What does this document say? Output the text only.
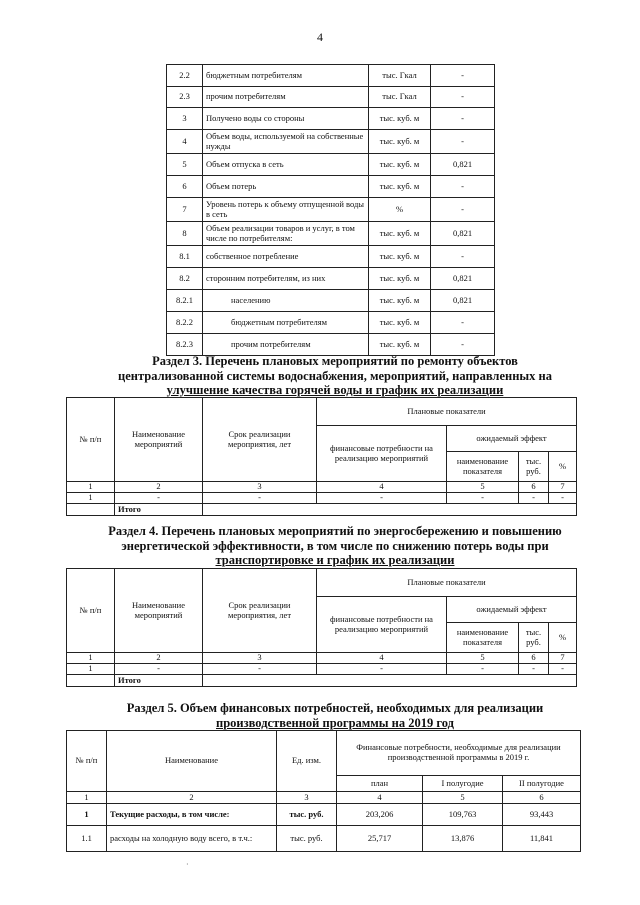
4
2.2	бюджетным потребителям	тыс. Гкал	-
2.3	прочим потребителям	тыс. Гкал	-
3	Получено воды со стороны	тыс. куб. м	-
4	Объем воды, используемой на собственные нужды	тыс. куб. м	-
5	Объем отпуска в сеть	тыс. куб. м	0,821
6	Объем потерь	тыс. куб. м	-
7	Уровень потерь к объему отпущенной воды в сеть	%	-
8	Объем реализации товаров и услуг, в том числе по потребителям:	тыс. куб. м	0,821
8.1	собственное потребление	тыс. куб. м	-
8.2	сторонним потребителям, из них	тыс. куб. м	0,821
8.2.1	населению	тыс. куб. м	0,821
8.2.2	бюджетным потребителям	тыс. куб. м	-
8.2.3	прочим потребителям	тыс. куб. м	-
Раздел 3. Перечень плановых мероприятий по ремонту объектов
централизованной системы водоснабжения, мероприятий, направленных на
улучшение качества горячей воды и график их реализации
№ п/п	Наименование мероприятий	Срок реализации мероприятия, лет	Плановые показатели			
			финансовые потребности на реализацию мероприятий	ожидаемый эффект		
				наименование показателя	тыс. руб.	%
1	2	3	4	5	6	7
1	-	-	-	-	-	-
	Итого					
Раздел 4. Перечень плановых мероприятий по энергосбережению и повышению
энергетической эффективности, в том числе по снижению потерь воды при
транспортировке и график их реализации
№ п/п	Наименование мероприятий	Срок реализации мероприятия, лет	Плановые показатели			
			финансовые потребности на реализацию мероприятий	ожидаемый эффект		
				наименование показателя	тыс. руб.	%
1	2	3	4	5	6	7
1	-	-	-	-	-	-
	Итого					
Раздел 5. Объем финансовых потребностей, необходимых для реализации
производственной программы на 2019 год
№ п/п	Наименование	Ед. изм.	Финансовые потребности, необходимые для реализации производственной программы в 2019 г.		
			план	I полугодие	II полугодие
1	2	3	4	5	6
1	Текущие расходы, в том числе:	тыс. руб.	203,206	109,763	93,443
1.1	расходы на холодную воду всего, в т.ч.:	тыс. руб.	25,717	13,876	11,841
·
